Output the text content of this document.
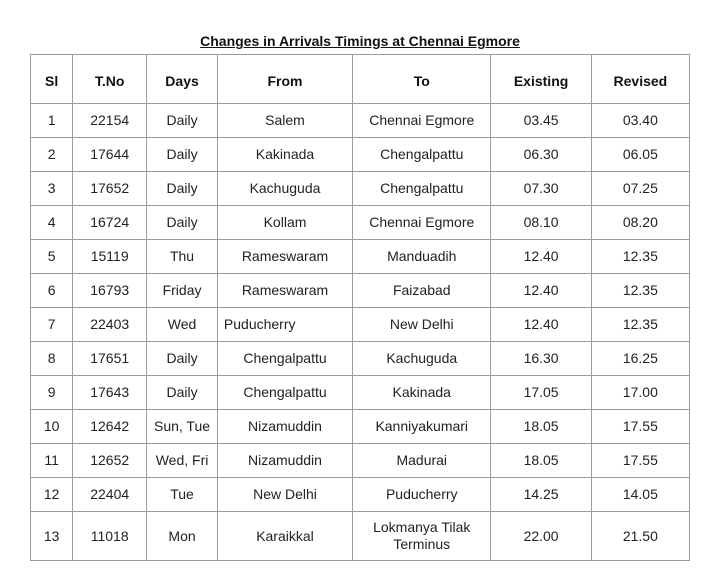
Changes in Arrivals Timings at Chennai Egmore
Sl	T.No	Days	From	To	Existing	Revised
1	22154	Daily	Salem	Chennai Egmore	03.45	03.40
2	17644	Daily	Kakinada	Chengalpattu	06.30	06.05
3	17652	Daily	Kachuguda	Chengalpattu	07.30	07.25
4	16724	Daily	Kollam	Chennai Egmore	08.10	08.20
5	15119	Thu	Rameswaram	Manduadih	12.40	12.35
6	16793	Friday	Rameswaram	Faizabad	12.40	12.35
7	22403	Wed	Puducherry	New Delhi	12.40	12.35
8	17651	Daily	Chengalpattu	Kachuguda	16.30	16.25
9	17643	Daily	Chengalpattu	Kakinada	17.05	17.00
10	12642	Sun, Tue	Nizamuddin	Kanniyakumari	18.05	17.55
11	12652	Wed, Fri	Nizamuddin	Madurai	18.05	17.55
12	22404	Tue	New Delhi	Puducherry	14.25	14.05
13	11018	Mon	Karaikkal	Lokmanya Tilak Terminus	22.00	21.50
